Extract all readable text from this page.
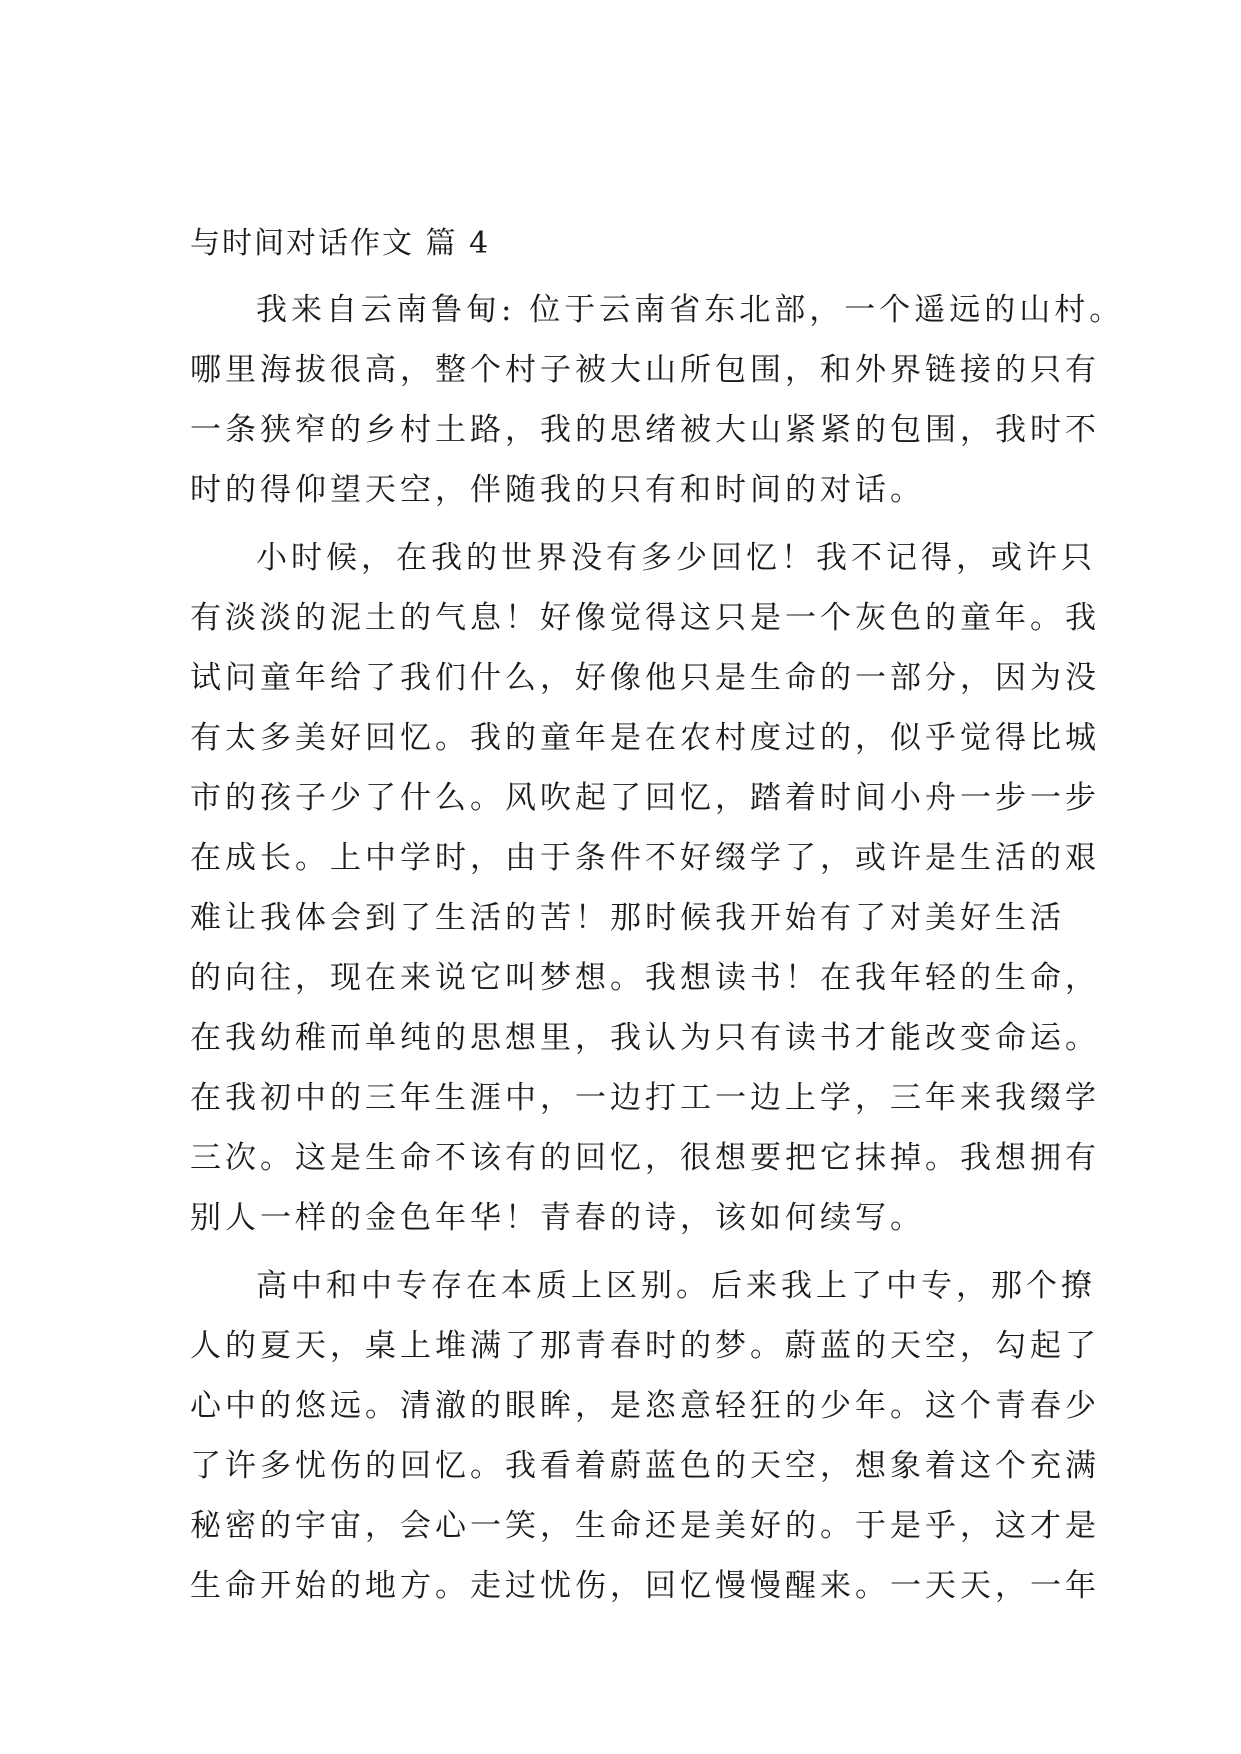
与时间对话作文 篇 4
我来自云南鲁甸: 位于云南省东北部，一个遥远的山村。
哪里海拔很高，整个村子被大山所包围，和外界链接的只有
一条狭窄的乡村土路，我的思绪被大山紧紧的包围，我时不
时的得仰望天空，伴随我的只有和时间的对话。
小时候，在我的世界没有多少回忆！我不记得，或许只
有淡淡的泥土的气息！好像觉得这只是一个灰色的童年。我
试问童年给了我们什么，好像他只是生命的一部分，因为没
有太多美好回忆。我的童年是在农村度过的，似乎觉得比城
市的孩子少了什么。风吹起了回忆，踏着时间小舟一步一步
在成长。上中学时，由于条件不好缀学了，或许是生活的艰
难让我体会到了生活的苦！那时候我开始有了对美好生活
的向往，现在来说它叫梦想。我想读书！在我年轻的生命，
在我幼稚而单纯的思想里，我认为只有读书才能改变命运。
在我初中的三年生涯中，一边打工一边上学，三年来我缀学
三次。这是生命不该有的回忆，很想要把它抹掉。我想拥有
别人一样的金色年华！青春的诗，该如何续写。
高中和中专存在本质上区别。后来我上了中专，那个撩
人的夏天，桌上堆满了那青春时的梦。蔚蓝的天空，勾起了
心中的悠远。清澈的眼眸，是恣意轻狂的少年。这个青春少
了许多忧伤的回忆。我看着蔚蓝色的天空，想象着这个充满
秘密的宇宙，会心一笑，生命还是美好的。于是乎，这才是
生命开始的地方。走过忧伤，回忆慢慢醒来。一天天，一年
